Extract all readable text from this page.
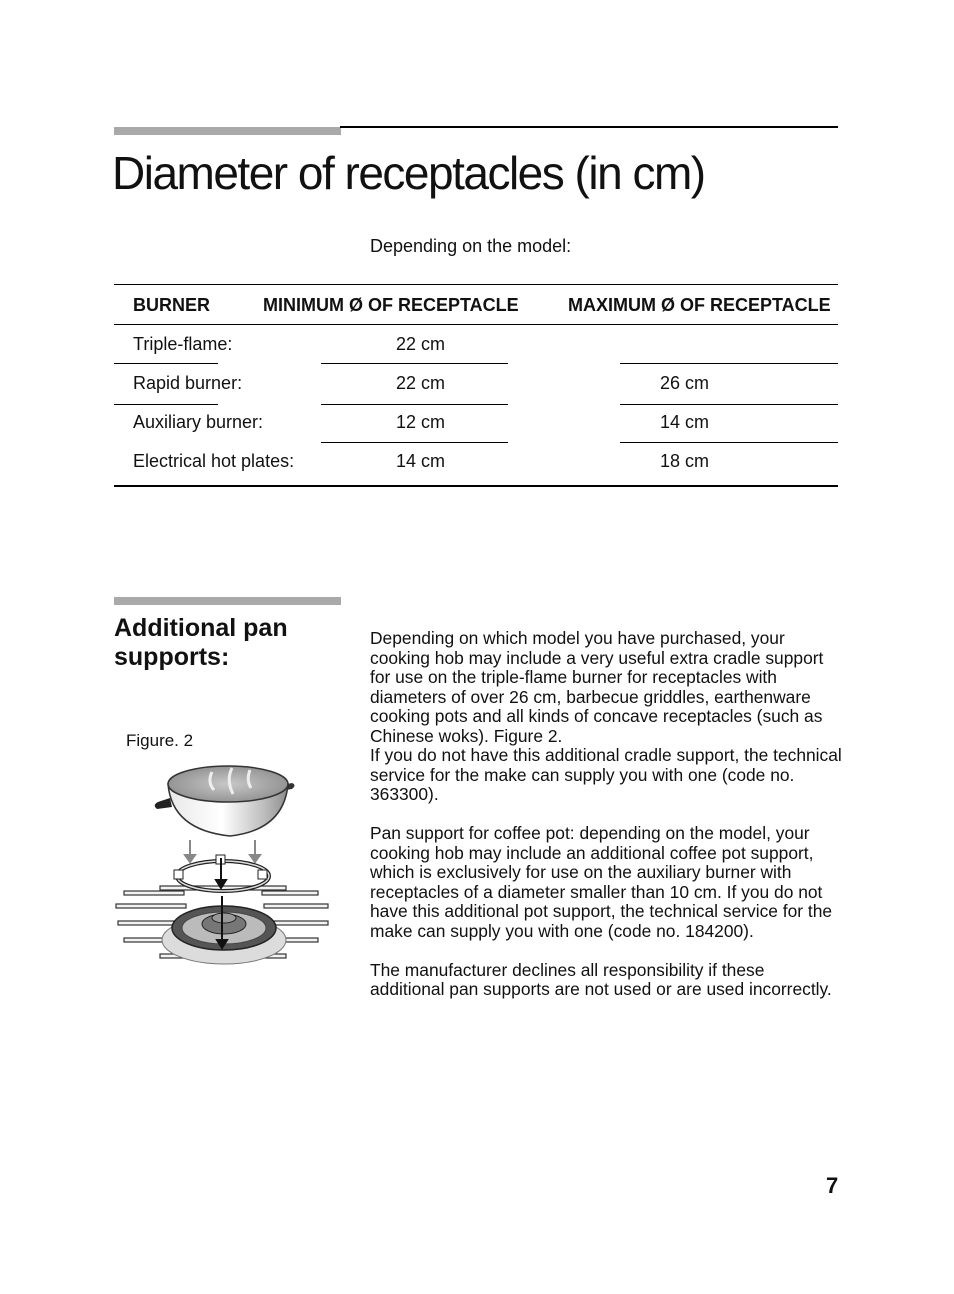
Diameter of receptacles (in cm)
Depending on the model:
BURNER	MINIMUM Ø OF RECEPTACLE	MAXIMUM Ø OF RECEPTACLE
Triple-flame:	22 cm
Rapid burner:	22 cm	26 cm
Auxiliary burner:	12 cm	14 cm
Electrical hot plates:	14 cm	18 cm
Additional pan supports:
Figure. 2
Depending on which model you have purchased, your cooking hob may include a very useful extra cradle support for use on the triple-flame burner for receptacles with diameters of over 26 cm, barbecue griddles, earthenware cooking pots and all kinds of concave receptacles (such as Chinese woks). Figure 2.

If you do not have this additional cradle support, the technical service for the make can supply you with one (code no. 363300).

Pan support for coffee pot: depending on the model, your cooking hob may include an additional coffee pot support, which is exclusively for use on the auxiliary burner with receptacles of a diameter smaller than 10 cm. If you do not have this additional pot support, the technical service for the make can supply you with one (code no. 184200).

The manufacturer declines all responsibility if these additional pan supports are not used or are used incorrectly.

7
